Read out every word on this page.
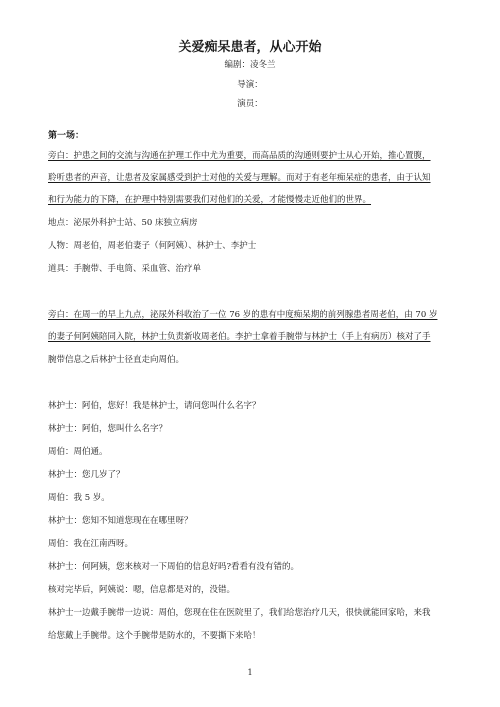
关爱痴呆患者，从心开始
编剧：凌冬兰
导演：
演员：
第一场：
旁白：护患之间的交流与沟通在护理工作中尤为重要，而高品质的沟通则要护士从心开始，推心置腹，
聆听患者的声音，让患者及家属感受到护士对他的关爱与理解。而对于有老年痴呆症的患者，由于认知
和行为能力的下降，在护理中特别需要我们对他们的关爱，才能慢慢走近他们的世界。
地点：泌尿外科护士站、50 床独立病房
人物：周老伯，周老伯妻子（何阿姨）、林护士、李护士
道具：手腕带、手电筒、采血管、治疗单
旁白：在周一的早上九点，泌尿外科收治了一位 76 岁的患有中度痴呆期的前列腺患者周老伯，由 70 岁
的妻子何阿姨陪同入院，林护士负责新收周老伯。李护士拿着手腕带与林护士（手上有病历）核对了手
腕带信息之后林护士径直走向周伯。
林护士：阿伯，您好！我是林护士，请问您叫什么名字？
林护士：阿伯，您叫什么名字？
周伯：周伯通。
林护士：您几岁了？
周伯：我 5 岁。
林护士：您知不知道您现在在哪里呀？
周伯：我在江南西呀。
林护士：何阿姨，您来核对一下周伯的信息好吗?看看有没有错的。
核对完毕后，阿姨说：嗯，信息都是对的，没错。
林护士一边戴手腕带一边说：周伯，您现在住在医院里了，我们给您治疗几天，很快就能回家哈，来我
给您戴上手腕带。这个手腕带是防水的，不要撕下来哈！
1
